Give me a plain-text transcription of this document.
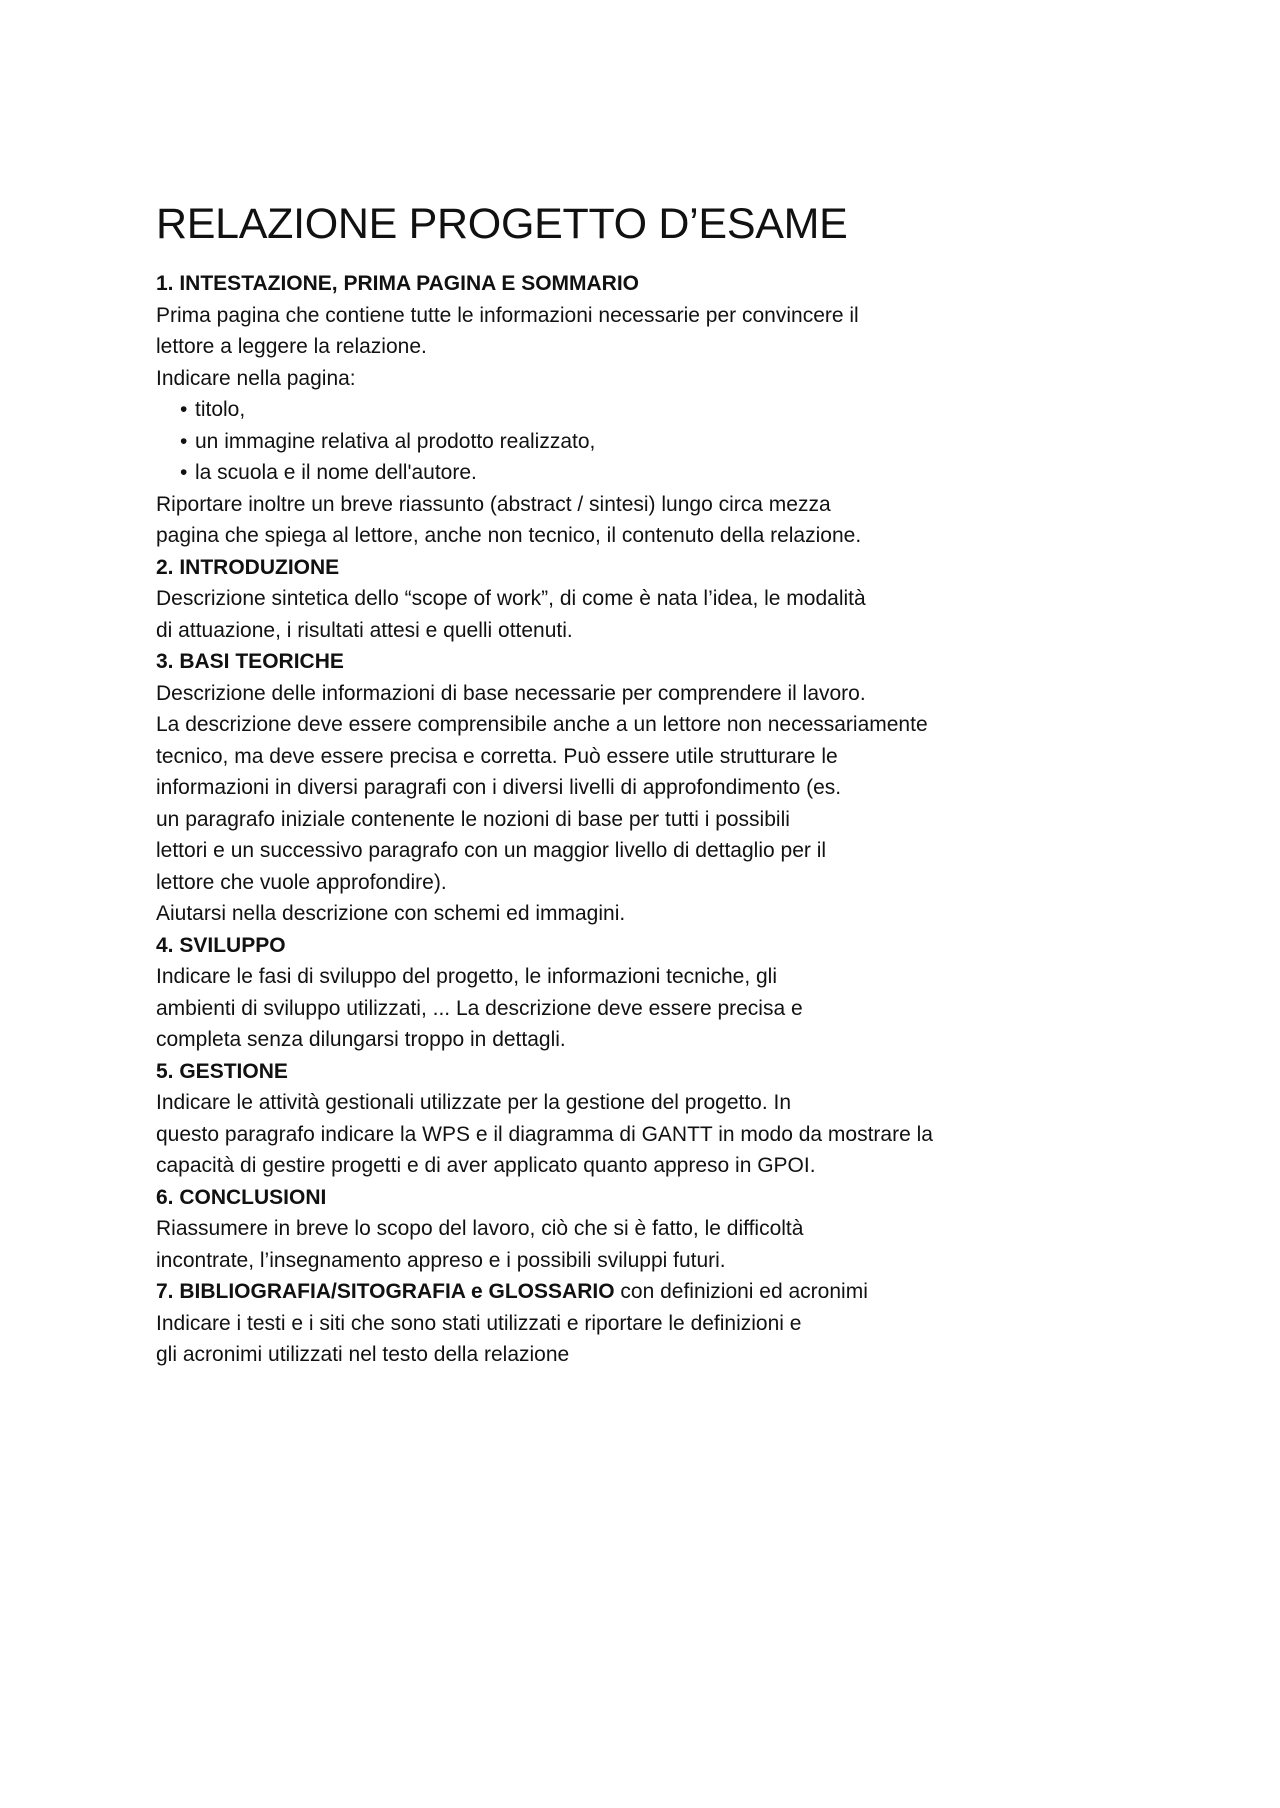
RELAZIONE PROGETTO D’ESAME

1. INTESTAZIONE, PRIMA PAGINA E SOMMARIO

Prima pagina che contiene tutte le informazioni necessarie per convincere il

lettore a leggere la relazione.

Indicare nella pagina:

• titolo,
• un immagine relativa al prodotto realizzato,
• la scuola e il nome dell'autore.

Riportare inoltre un breve riassunto (abstract / sintesi) lungo circa mezza

pagina che spiega al lettore, anche non tecnico, il contenuto della relazione.

2. INTRODUZIONE

Descrizione sintetica dello “scope of work”, di come è nata l’idea, le modalità

di attuazione, i risultati attesi e quelli ottenuti.

3. BASI TEORICHE

Descrizione delle informazioni di base necessarie per comprendere il lavoro.

La descrizione deve essere comprensibile anche a un lettore non necessariamente

tecnico, ma deve essere precisa e corretta. Può essere utile strutturare le

informazioni in diversi paragrafi con i diversi livelli di approfondimento (es.

un paragrafo iniziale contenente le nozioni di base per tutti i possibili

lettori e un successivo paragrafo con un maggior livello di dettaglio per il

lettore che vuole approfondire).

Aiutarsi nella descrizione con schemi ed immagini.

4. SVILUPPO

Indicare le fasi di sviluppo del progetto, le informazioni tecniche, gli

ambienti di sviluppo utilizzati, ... La descrizione deve essere precisa e

completa senza dilungarsi troppo in dettagli.

5. GESTIONE

Indicare le attività gestionali utilizzate per la gestione del progetto. In

questo paragrafo indicare la WPS e il diagramma di GANTT in modo da mostrare la

capacità di gestire progetti e di aver applicato quanto appreso in GPOI.

6. CONCLUSIONI

Riassumere in breve lo scopo del lavoro, ciò che si è fatto, le difficoltà

incontrate, l’insegnamento appreso e i possibili sviluppi futuri.

7. BIBLIOGRAFIA/SITOGRAFIA e GLOSSARIO con definizioni ed acronimi

Indicare i testi e i siti che sono stati utilizzati e riportare le definizioni e

gli acronimi utilizzati nel testo della relazione
